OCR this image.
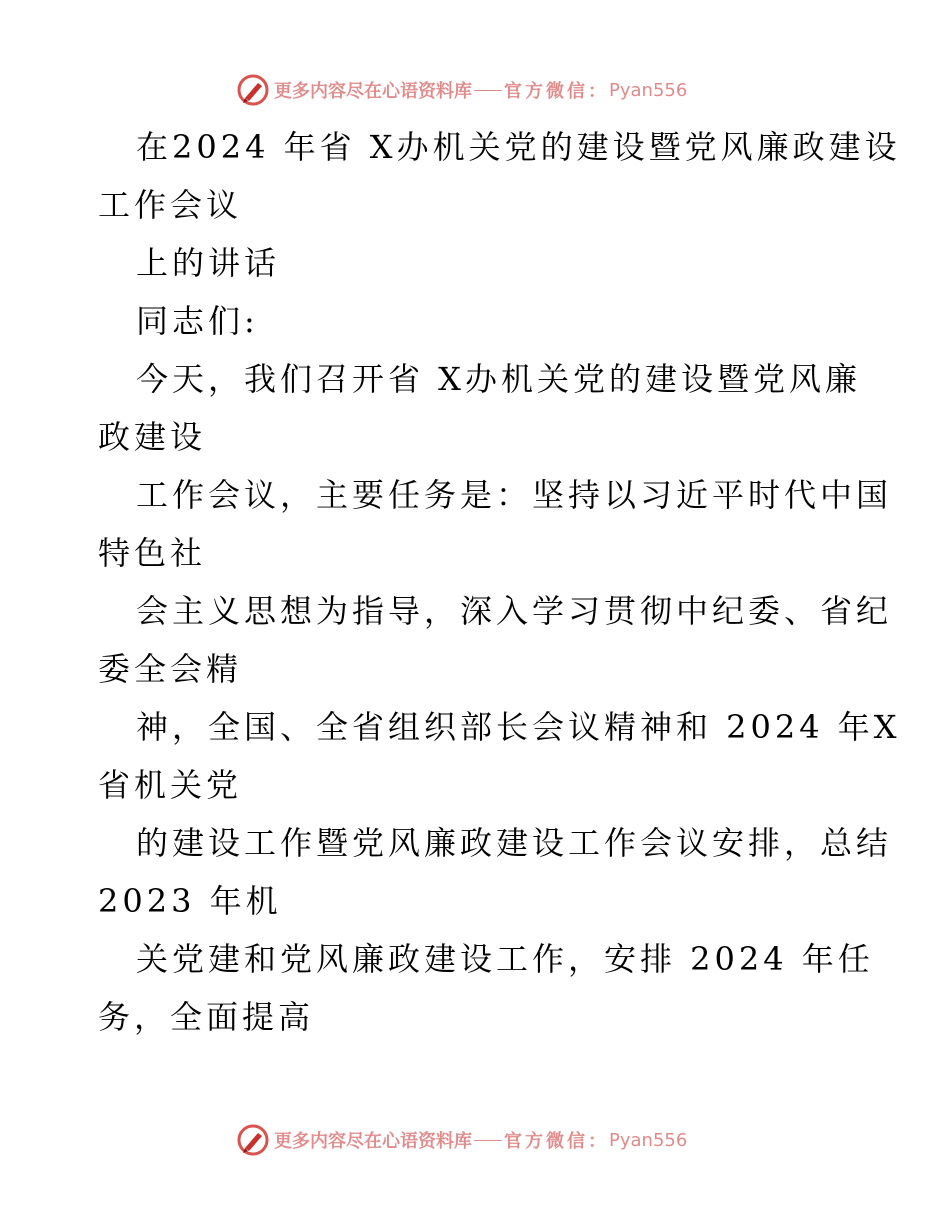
更多内容尽在心语资料库 官方微信： Pyan556
在2024 年省 X办机关党的建设暨党风廉政建设
工作会议
上的讲话
同志们:
今天，我们召开省 X办机关党的建设暨党风廉
政建设
工作会议，主要任务是：坚持以习近平时代中国
特色社
会主义思想为指导，深入学习贯彻中纪委、省纪
委全会精
神，全国、全省组织部长会议精神和 2024 年X
省机关党
的建设工作暨党风廉政建设工作会议安排，总结
2023 年机
关党建和党风廉政建设工作，安排 2024 年任
务，全面提高
更多内容尽在心语资料库 官方微信： Pyan556
